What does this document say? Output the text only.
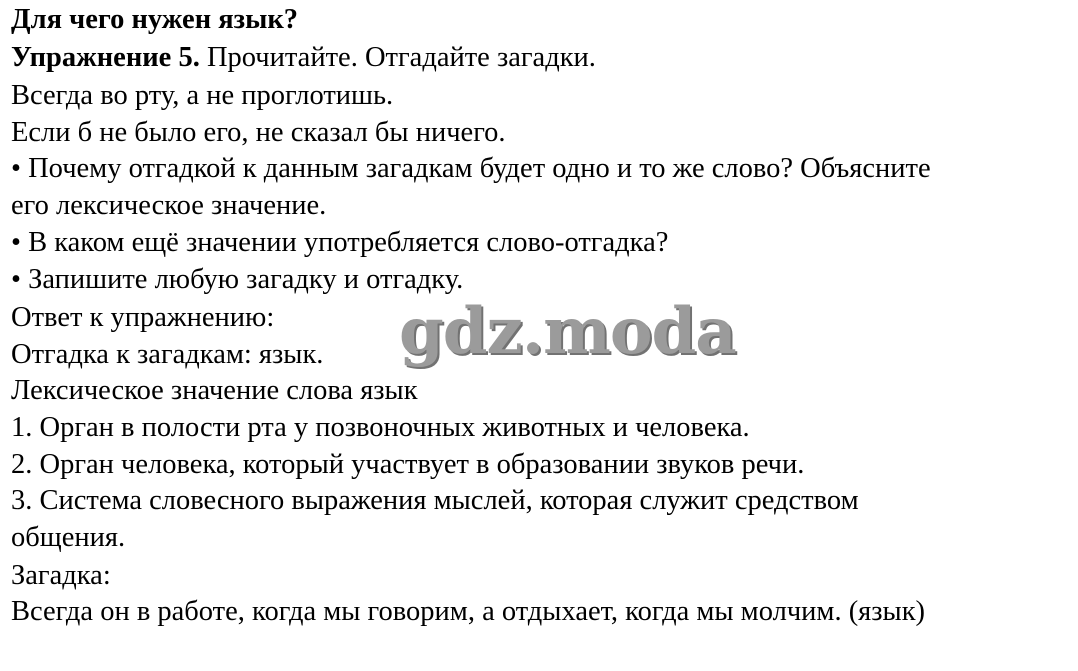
Для чего нужен язык?

Упражнение 5. Прочитайте. Отгадайте загадки.

Всегда во рту, а не проглотишь.

Если б не было его, не сказал бы ничего.

• Почему отгадкой к данным загадкам будет одно и то же слово? Объясните

его лексическое значение.

• В каком ещё значении употребляется слово-отгадка?

• Запишите любую загадку и отгадку.

Ответ к упражнению:

Отгадка к загадкам: язык.

Лексическое значение слова язык

1. Орган в полости рта у позвоночных животных и человека.

2. Орган человека, который участвует в образовании звуков речи.

3. Система словесного выражения мыслей, которая служит средством

общения.

Загадка:

Всегда он в работе, когда мы говорим, а отдыхает, когда мы молчим. (язык)

gdz.moda
